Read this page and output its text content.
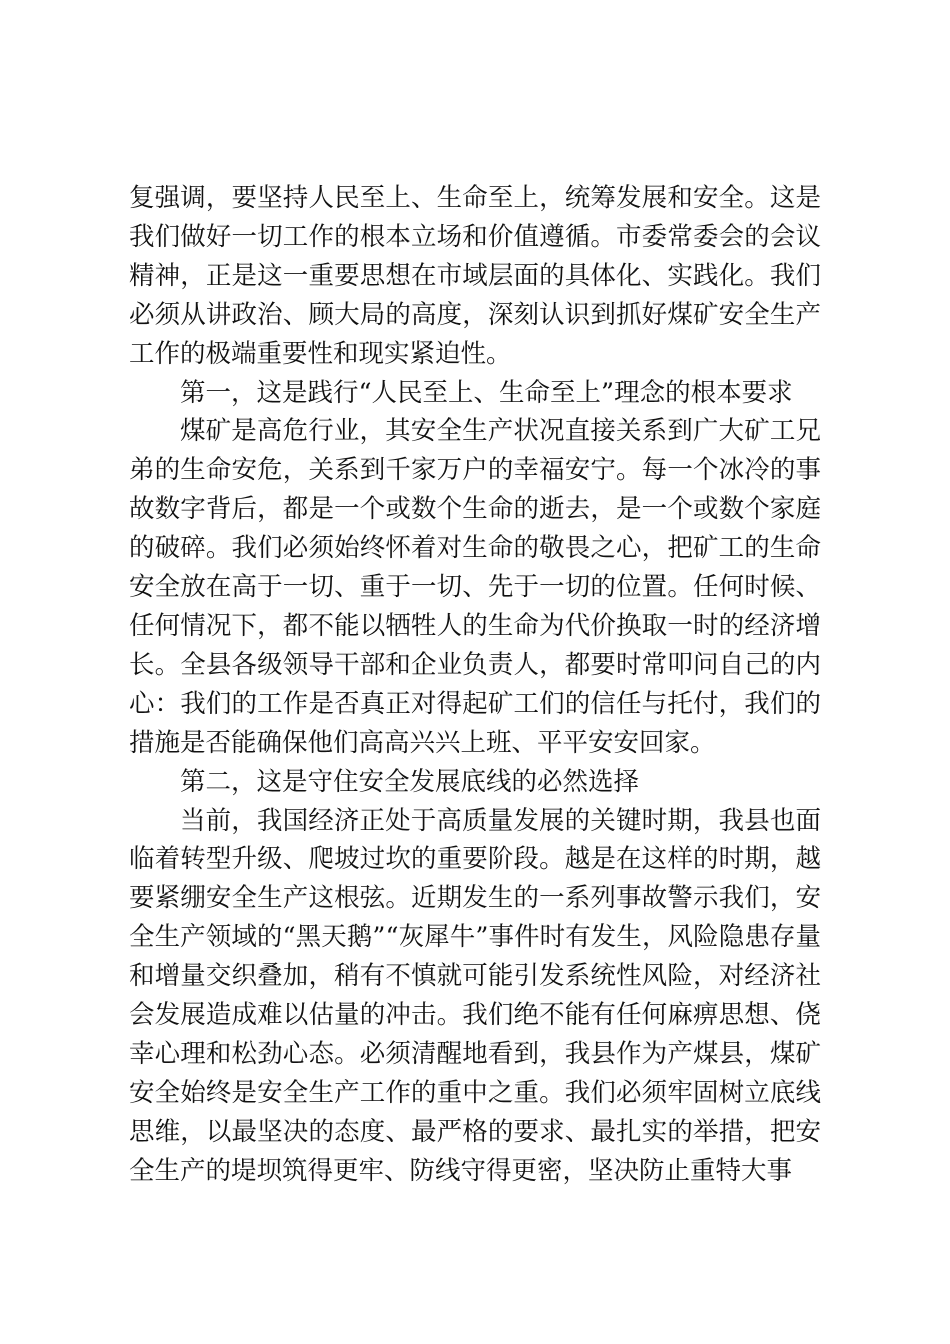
复强调，要坚持人民至上、生命至上，统筹发展和安全。这是我们做好一切工作的根本立场和价值遵循。市委常委会的会议精神，正是这一重要思想在市域层面的具体化、实践化。我们必须从讲政治、顾大局的高度，深刻认识到抓好煤矿安全生产工作的极端重要性和现实紧迫性。

第一，这是践行“人民至上、生命至上”理念的根本要求

煤矿是高危行业，其安全生产状况直接关系到广大矿工兄弟的生命安危，关系到千家万户的幸福安宁。每一个冰冷的事故数字背后，都是一个或数个生命的逝去，是一个或数个家庭的破碎。我们必须始终怀着对生命的敬畏之心，把矿工的生命安全放在高于一切、重于一切、先于一切的位置。任何时候、任何情况下，都不能以牺牲人的生命为代价换取一时的经济增长。全县各级领导干部和企业负责人，都要时常叩问自己的内心：我们的工作是否真正对得起矿工们的信任与托付，我们的措施是否能确保他们高高兴兴上班、平平安安回家。

第二，这是守住安全发展底线的必然选择

当前，我国经济正处于高质量发展的关键时期，我县也面临着转型升级、爬坡过坎的重要阶段。越是在这样的时期，越要紧绷安全生产这根弦。近期发生的一系列事故警示我们，安全生产领域的“黑天鹅”“灰犀牛”事件时有发生，风险隐患存量和增量交织叠加，稍有不慎就可能引发系统性风险，对经济社会发展造成难以估量的冲击。我们绝不能有任何麻痹思想、侥幸心理和松劲心态。必须清醒地看到，我县作为产煤县，煤矿安全始终是安全生产工作的重中之重。我们必须牢固树立底线思维，以最坚决的态度、最严格的要求、最扎实的举措，把安全生产的堤坝筑得更牢、防线守得更密，坚决防止重特大事
